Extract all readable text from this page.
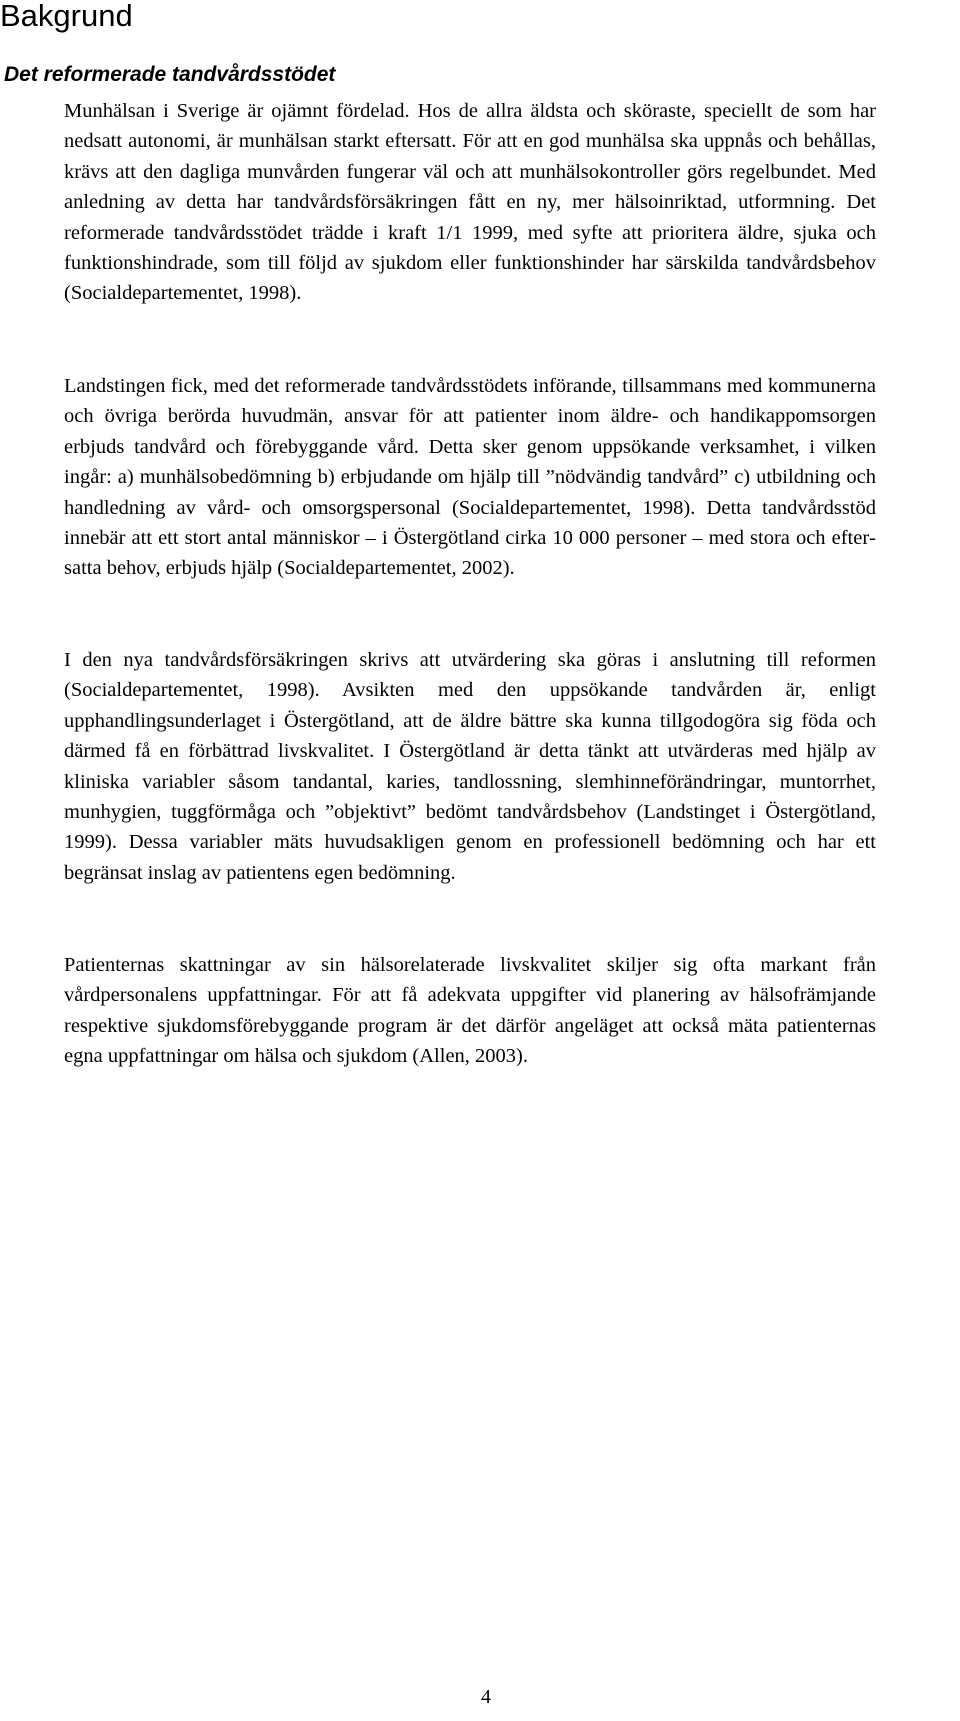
Bakgrund
Det reformerade tandvårdsstödet

Munhälsan i Sverige är ojämnt fördelad. Hos de allra äldsta och sköraste, speciellt de som har nedsatt autonomi, är munhälsan starkt eftersatt. För att en god munhälsa ska uppnås och behållas, krävs att den dagliga munvården fungerar väl och att munhälsokontroller görs regelbundet. Med anledning av detta har tandvårdsförsäkringen fått en ny, mer hälsoinriktad, utformning. Det reformerade tandvårdsstödet trädde i kraft 1/1 1999, med syfte att prioritera äldre, sjuka och funktionshindrade, som till följd av sjukdom eller funktionshinder har särskilda tandvårdsbehov (Socialdepartementet, 1998).

Landstingen fick, med det reformerade tandvårdsstödets införande, tillsammans med kommunerna och övriga berörda huvudmän, ansvar för att patienter inom äldre- och handikappomsorgen erbjuds tandvård och förebyggande vård. Detta sker genom uppsökande verksamhet, i vilken ingår: a) munhälsobedömning b) erbjudande om hjälp till ”nödvändig tandvård” c) utbildning och handledning av vård- och omsorgspersonal (Socialdepartementet, 1998). Detta tandvårdsstöd innebär att ett stort antal människor – i Östergötland cirka 10 000 personer – med stora och eftersatta behov, erbjuds hjälp (Socialdepartementet, 2002).

I den nya tandvårdsförsäkringen skrivs att utvärdering ska göras i anslutning till reformen (Socialdepartementet, 1998). Avsikten med den uppsökande tandvården är, enligt upphandlingsunderlaget i Östergötland, att de äldre bättre ska kunna tillgodogöra sig föda och därmed få en förbättrad livskvalitet. I Östergötland är detta tänkt att utvärderas med hjälp av kliniska variabler såsom tandantal, karies, tandlossning, slemhinneförändringar, muntorrhet, munhygien, tuggförmåga och ”objektivt” bedömt tandvårdsbehov (Landstinget i Östergötland, 1999). Dessa variabler mäts huvudsakligen genom en professionell bedömning och har ett begränsat inslag av patientens egen bedömning.

Patienternas skattningar av sin hälsorelaterade livskvalitet skiljer sig ofta markant från vårdpersonalens uppfattningar. För att få adekvata uppgifter vid planering av hälsofrämjande respektive sjukdomsförebyggande program är det därför angeläget att också mäta patienternas egna uppfattningar om hälsa och sjukdom (Allen, 2003).

4
